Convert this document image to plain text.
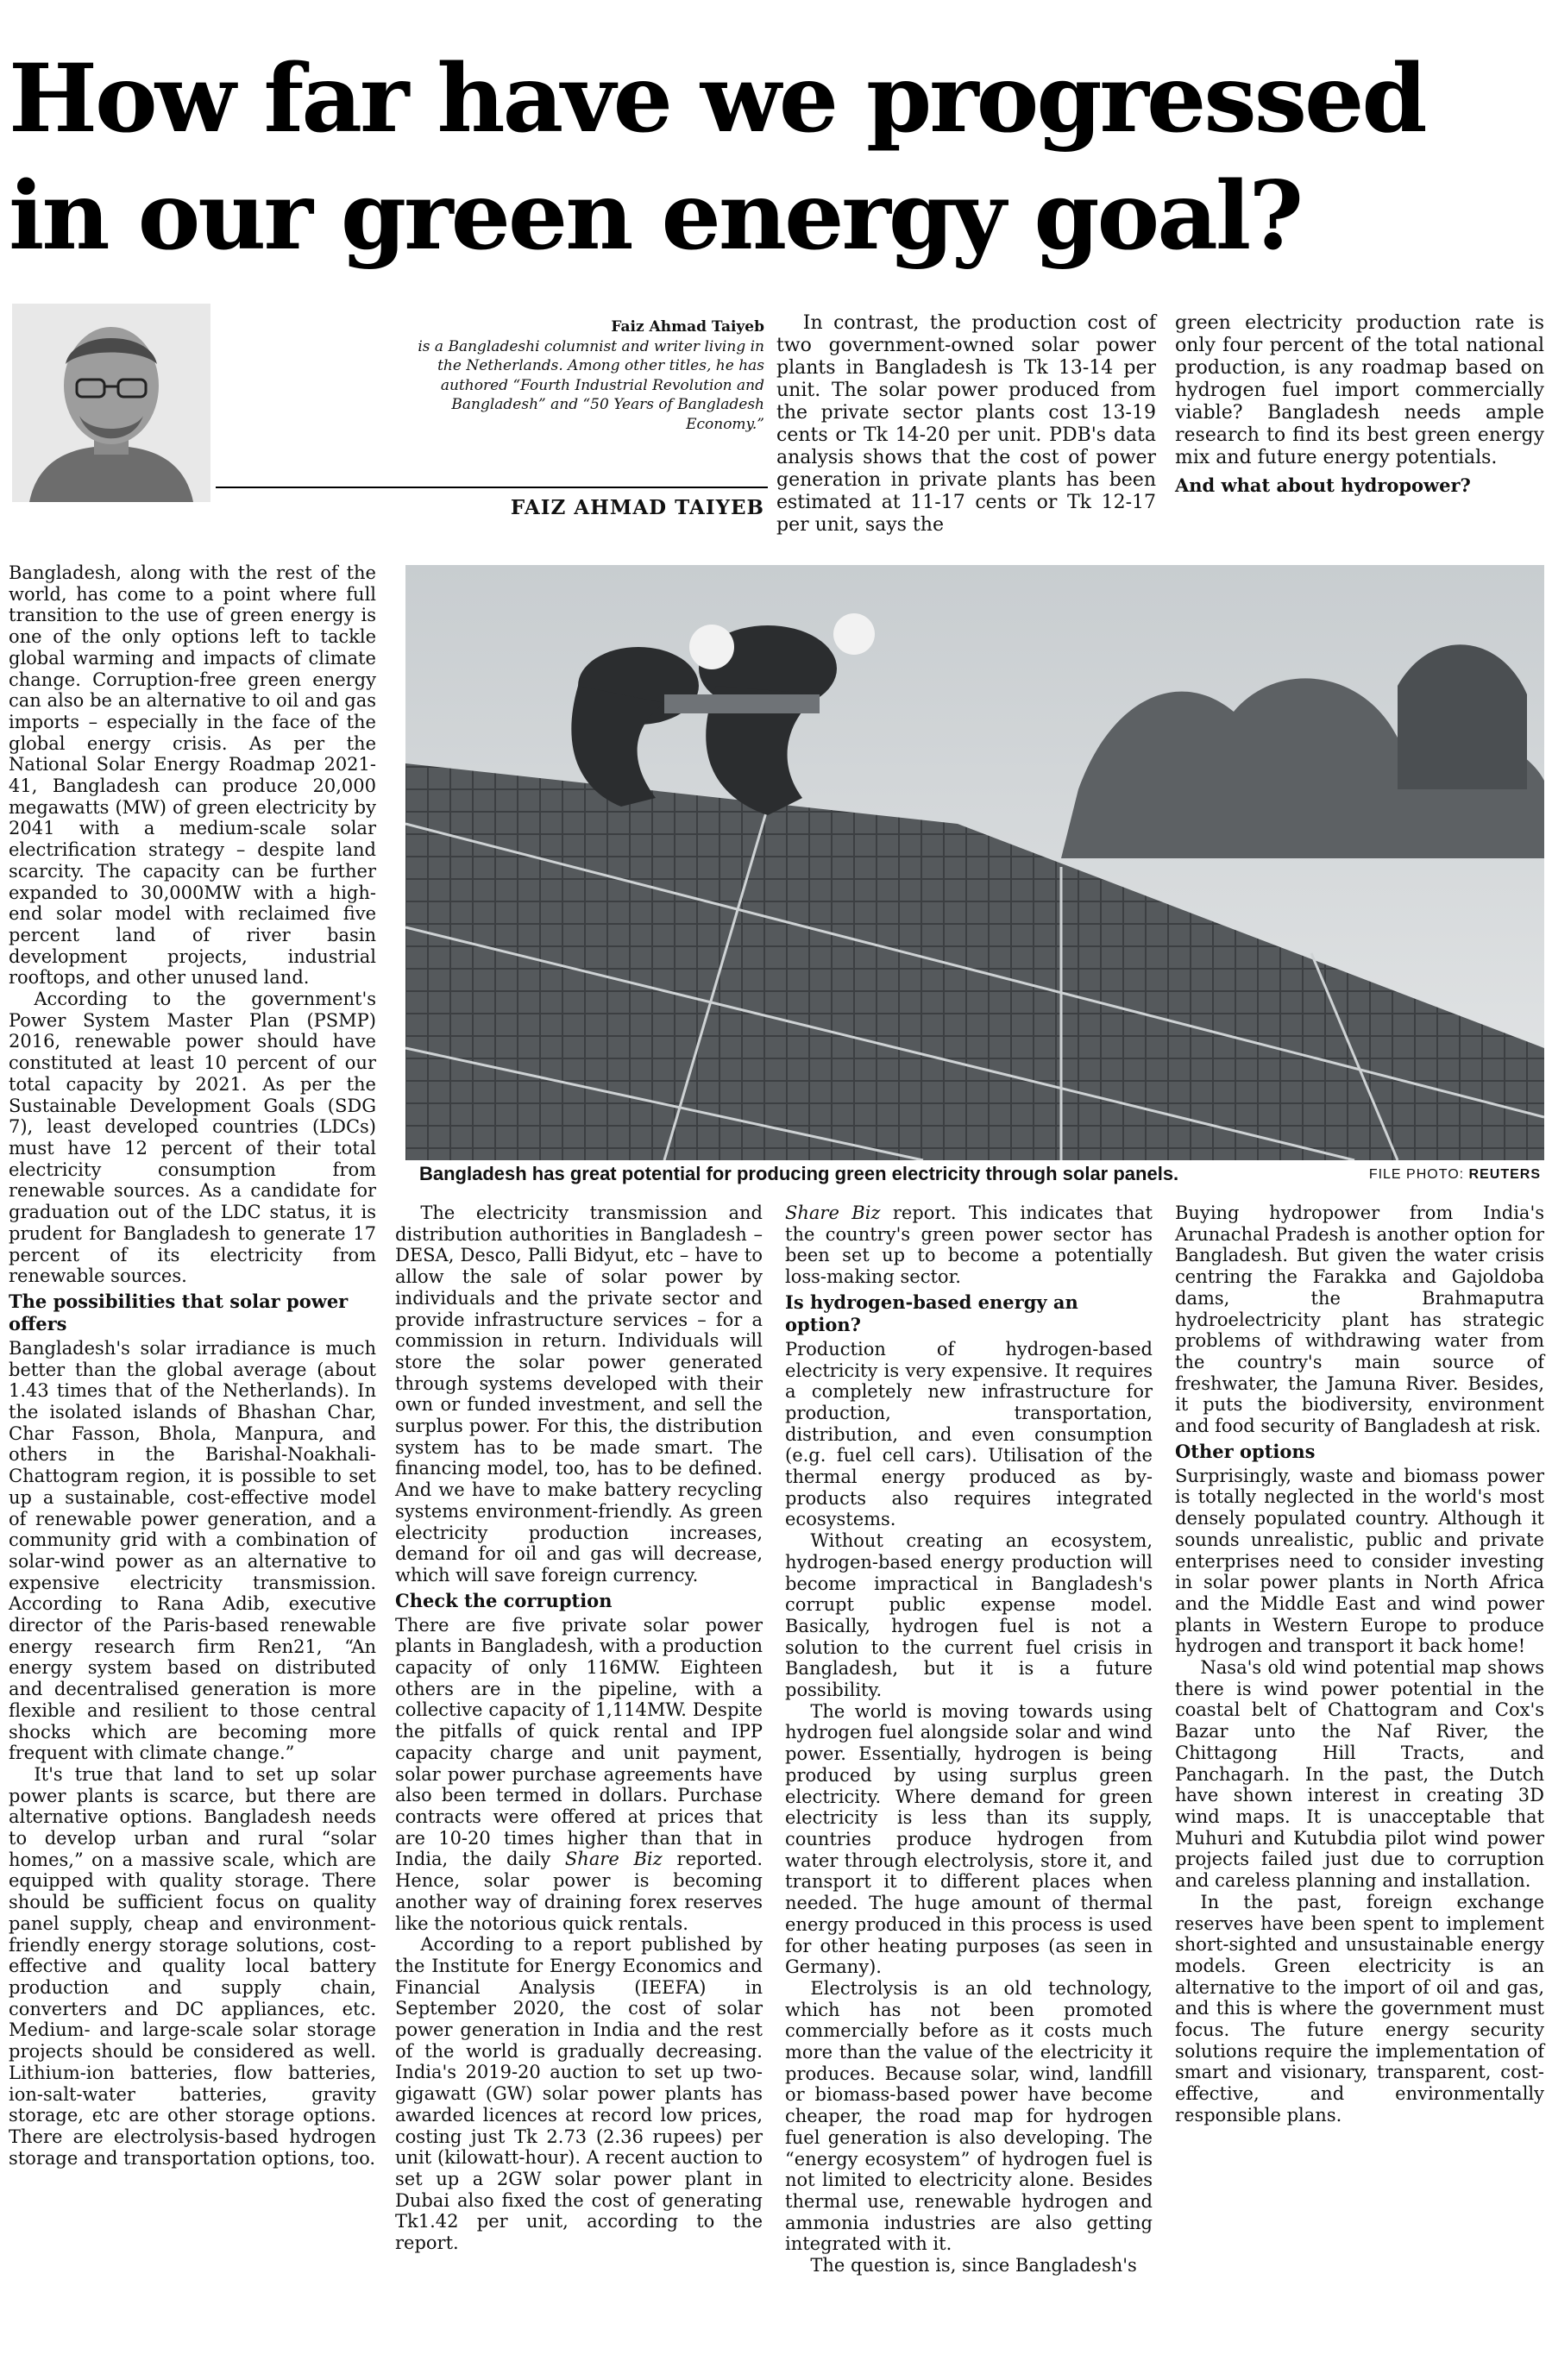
How far have we progressed in our green energy goal?
Faiz Ahmad Taiyeb
is a Bangladeshi columnist and writer living in the Netherlands. Among other titles, he has authored “Fourth Industrial Revolution and Bangladesh” and “50 Years of Bangladesh Economy.”
FAIZ AHMAD TAIYEB

In contrast, the production cost of two government-owned solar power plants in Bangladesh is Tk 13-14 per unit. The solar power produced from the private sector plants cost 13-19 cents or Tk 14-20 per unit. PDB's data analysis shows that the cost of power generation in private plants has been estimated at 11-17 cents or Tk 12-17 per unit, says the

green electricity production rate is only four percent of the total national production, is any roadmap based on hydrogen fuel import commercially viable? Bangladesh needs ample research to find its best green energy mix and future energy potentials.

And what about hydropower?

Bangladesh, along with the rest of the world, has come to a point where full transition to the use of green energy is one of the only options left to tackle global warming and impacts of climate change. Corruption-free green energy can also be an alternative to oil and gas imports – especially in the face of the global energy crisis. As per the National Solar Energy Roadmap 2021-41, Bangladesh can produce 20,000 megawatts (MW) of green electricity by 2041 with a medium-scale solar electrification strategy – despite land scarcity. The capacity can be further expanded to 30,000MW with a high-end solar model with reclaimed five percent land of river basin development projects, industrial rooftops, and other unused land.

According to the government's Power System Master Plan (PSMP) 2016, renewable power should have constituted at least 10 percent of our total capacity by 2021. As per the Sustainable Development Goals (SDG 7), least developed countries (LDCs) must have 12 percent of their total electricity consumption from renewable sources. As a candidate for graduation out of the LDC status, it is prudent for Bangladesh to generate 17 percent of its electricity from renewable sources.

The possibilities that solar power offers

Bangladesh's solar irradiance is much better than the global average (about 1.43 times that of the Netherlands). In the isolated islands of Bhashan Char, Char Fasson, Bhola, Manpura, and others in the Barishal-Noakhali-Chattogram region, it is possible to set up a sustainable, cost-effective model of renewable power generation, and a community grid with a combination of solar-wind power as an alternative to expensive electricity transmission. According to Rana Adib, executive director of the Paris-based renewable energy research firm Ren21, “An energy system based on distributed and decentralised generation is more flexible and resilient to those central shocks which are becoming more frequent with climate change.”

It's true that land to set up solar power plants is scarce, but there are alternative options. Bangladesh needs to develop urban and rural “solar homes,” on a massive scale, which are equipped with quality storage. There should be sufficient focus on quality panel supply, cheap and environment-friendly energy storage solutions, cost-effective and quality local battery production and supply chain, converters and DC appliances, etc. Medium- and large-scale solar storage projects should be considered as well. Lithium-ion batteries, flow batteries, ion-salt-water batteries, gravity storage, etc are other storage options. There are electrolysis-based hydrogen storage and transportation options, too.

Bangladesh has great potential for producing green electricity through solar panels.	FILE PHOTO: REUTERS

The electricity transmission and distribution authorities in Bangladesh – DESA, Desco, Palli Bidyut, etc – have to allow the sale of solar power by individuals and the private sector and provide infrastructure services – for a commission in return. Individuals will store the solar power generated through systems developed with their own or funded investment, and sell the surplus power. For this, the distribution system has to be made smart. The financing model, too, has to be defined. And we have to make battery recycling systems environment-friendly. As green electricity production increases, demand for oil and gas will decrease, which will save foreign currency.

Check the corruption

There are five private solar power plants in Bangladesh, with a production capacity of only 116MW. Eighteen others are in the pipeline, with a collective capacity of 1,114MW. Despite the pitfalls of quick rental and IPP capacity charge and unit payment, solar power purchase agreements have also been termed in dollars. Purchase contracts were offered at prices that are 10-20 times higher than that in India, the daily Share Biz reported. Hence, solar power is becoming another way of draining forex reserves like the notorious quick rentals.

According to a report published by the Institute for Energy Economics and Financial Analysis (IEEFA) in September 2020, the cost of solar power generation in India and the rest of the world is gradually decreasing. India's 2019-20 auction to set up two-gigawatt (GW) solar power plants has awarded licences at record low prices, costing just Tk 2.73 (2.36 rupees) per unit (kilowatt-hour). A recent auction to set up a 2GW solar power plant in Dubai also fixed the cost of generating Tk1.42 per unit, according to the report.

Share Biz report. This indicates that the country's green power sector has been set up to become a potentially loss-making sector.

Is hydrogen-based energy an option?

Production of hydrogen-based electricity is very expensive. It requires a completely new infrastructure for production, transportation, distribution, and even consumption (e.g. fuel cell cars). Utilisation of the thermal energy produced as by-products also requires integrated ecosystems.

Without creating an ecosystem, hydrogen-based energy production will become impractical in Bangladesh's corrupt public expense model. Basically, hydrogen fuel is not a solution to the current fuel crisis in Bangladesh, but it is a future possibility.

The world is moving towards using hydrogen fuel alongside solar and wind power. Essentially, hydrogen is being produced by using surplus green electricity. Where demand for green electricity is less than its supply, countries produce hydrogen from water through electrolysis, store it, and transport it to different places when needed. The huge amount of thermal energy produced in this process is used for other heating purposes (as seen in Germany).

Electrolysis is an old technology, which has not been promoted commercially before as it costs much more than the value of the electricity it produces. Because solar, wind, landfill or biomass-based power have become cheaper, the road map for hydrogen fuel generation is also developing. The “energy ecosystem” of hydrogen fuel is not limited to electricity alone. Besides thermal use, renewable hydrogen and ammonia industries are also getting integrated with it.

The question is, since Bangladesh's

Buying hydropower from India's Arunachal Pradesh is another option for Bangladesh. But given the water crisis centring the Farakka and Gajoldoba dams, the Brahmaputra hydroelectricity plant has strategic problems of withdrawing water from the country's main source of freshwater, the Jamuna River. Besides, it puts the biodiversity, environment and food security of Bangladesh at risk.

Other options

Surprisingly, waste and biomass power is totally neglected in the world's most densely populated country. Although it sounds unrealistic, public and private enterprises need to consider investing in solar power plants in North Africa and the Middle East and wind power plants in Western Europe to produce hydrogen and transport it back home!

Nasa's old wind potential map shows there is wind power potential in the coastal belt of Chattogram and Cox's Bazar unto the Naf River, the Chittagong Hill Tracts, and Panchagarh. In the past, the Dutch have shown interest in creating 3D wind maps. It is unacceptable that Muhuri and Kutubdia pilot wind power projects failed just due to corruption and careless planning and installation.

In the past, foreign exchange reserves have been spent to implement short-sighted and unsustainable energy models. Green electricity is an alternative to the import of oil and gas, and this is where the government must focus. The future energy security solutions require the implementation of smart and visionary, transparent, cost-effective, and environmentally responsible plans.
